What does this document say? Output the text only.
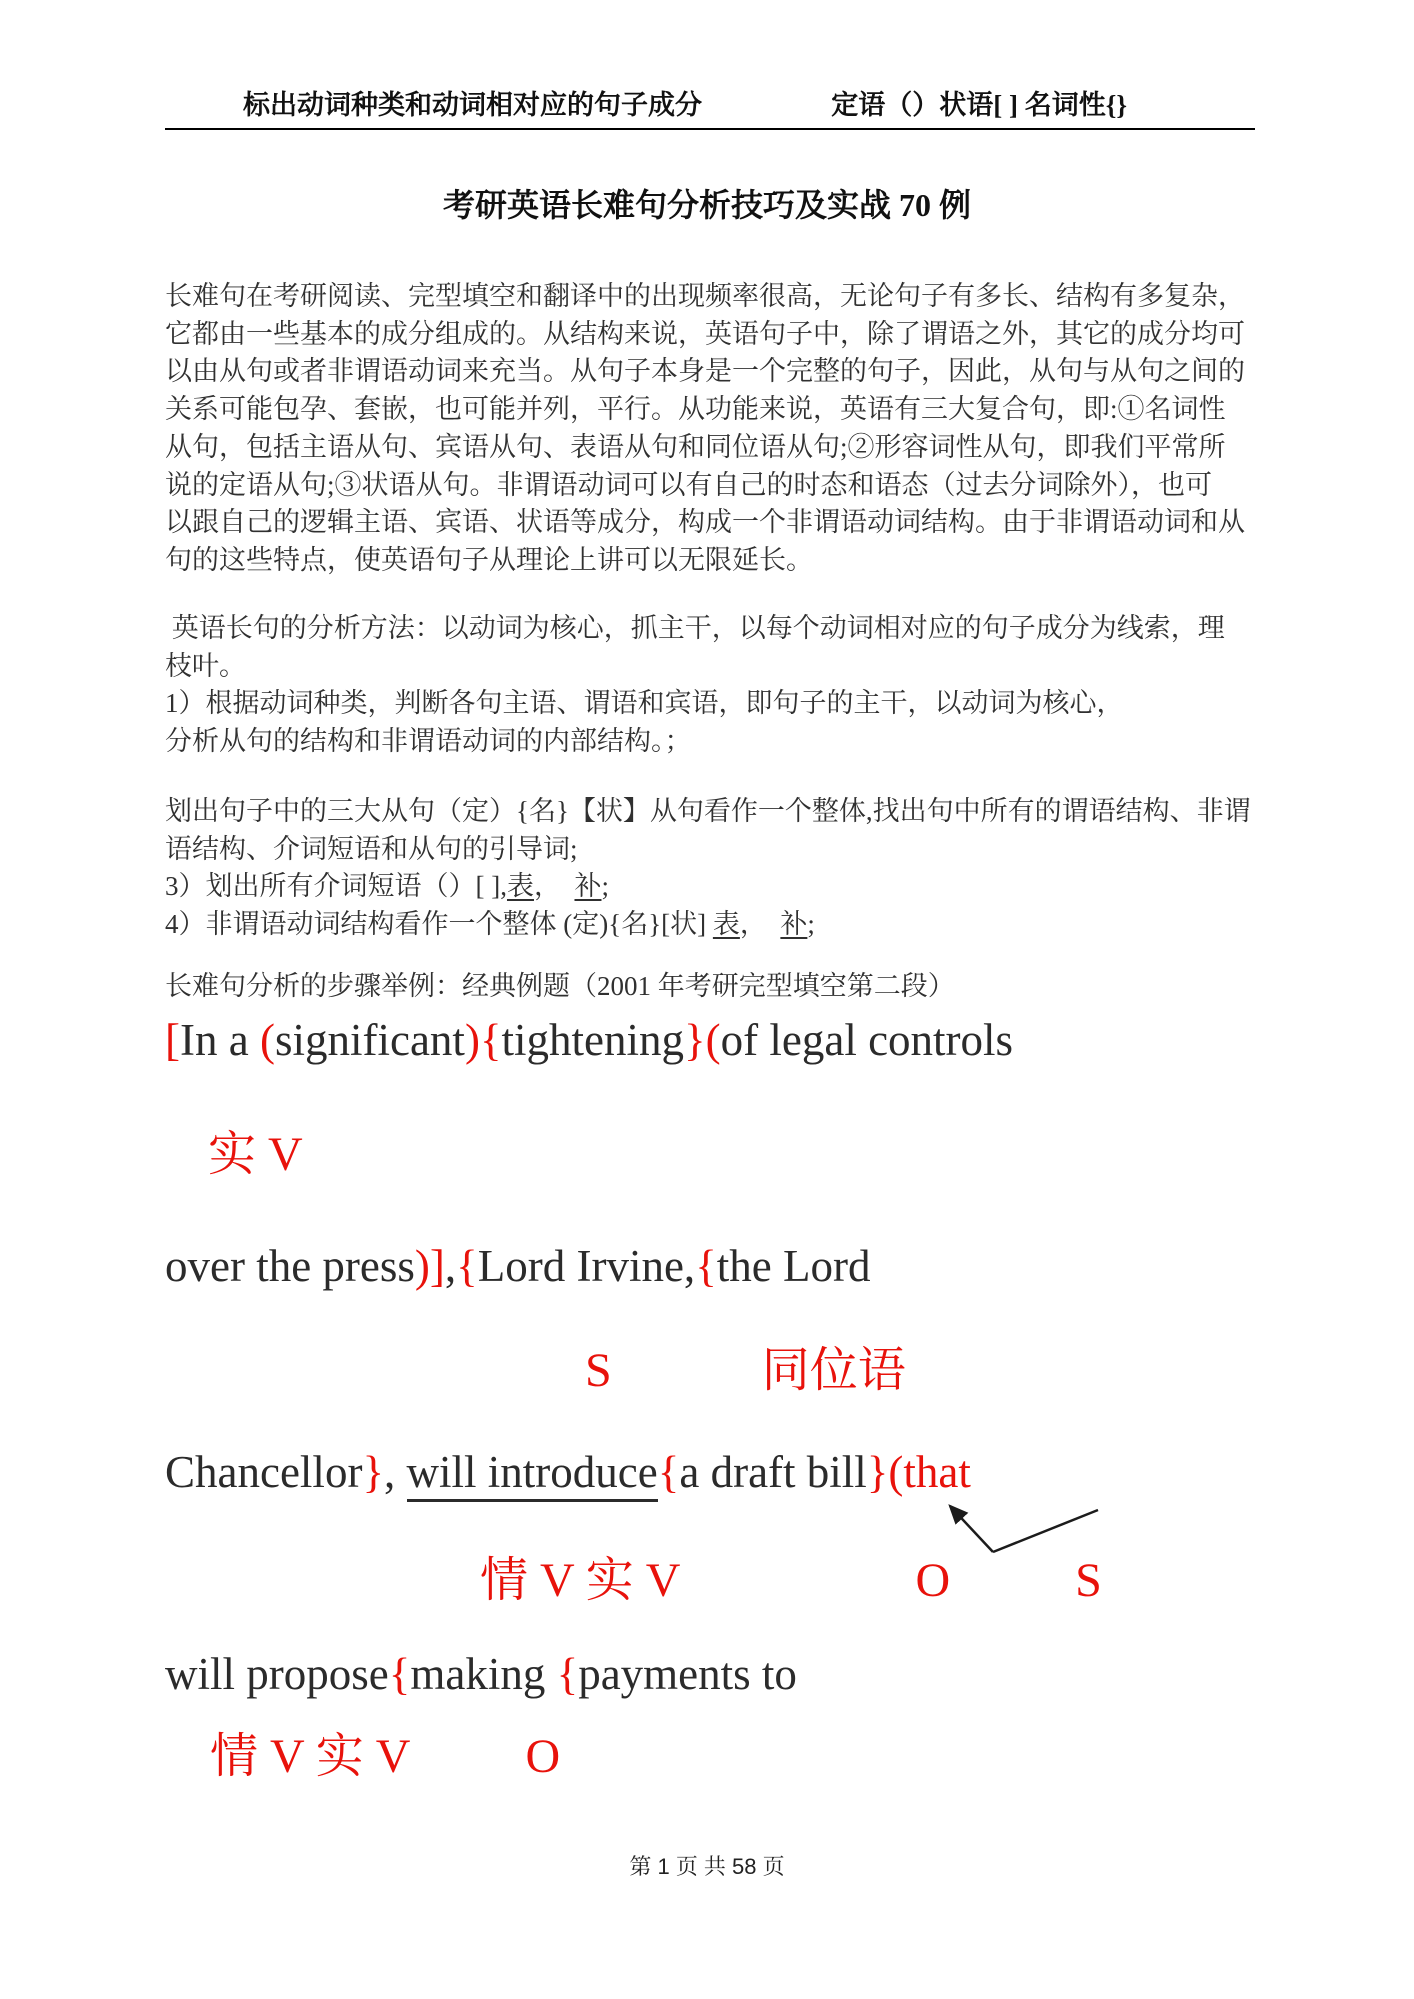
标出动词种类和动词相对应的句子成分	定语（）状语[ ] 名词性{}
考研英语长难句分析技巧及实战 70 例
长难句在考研阅读、完型填空和翻译中的出现频率很高，无论句子有多长、结构有多复杂，
它都由一些基本的成分组成的。从结构来说，英语句子中，除了谓语之外，其它的成分均可
以由从句或者非谓语动词来充当。从句子本身是一个完整的句子，因此，从句与从句之间的
关系可能包孕、套嵌，也可能并列，平行。从功能来说，英语有三大复合句，即:①名词性
从句，包括主语从句、宾语从句、表语从句和同位语从句;②形容词性从句，即我们平常所
说的定语从句;③状语从句。非谓语动词可以有自己的时态和语态（过去分词除外），也可
以跟自己的逻辑主语、宾语、状语等成分，构成一个非谓语动词结构。由于非谓语动词和从
句的这些特点，使英语句子从理论上讲可以无限延长。
英语长句的分析方法：以动词为核心，抓主干，以每个动词相对应的句子成分为线索，理
枝叶。
1）根据动词种类，判断各句主语、谓语和宾语，即句子的主干，以动词为核心，
分析从句的结构和非谓语动词的内部结构。；
划出句子中的三大从句（定）{名}【状】从句看作一个整体,找出句中所有的谓语结构、非谓
语结构、介词短语和从句的引导词;
3）划出所有介词短语（）[ ],表，  补;
4）非谓语动词结构看作一个整体 (定){名}[状] 表，  补;
长难句分析的步骤举例：经典例题（2001 年考研完型填空第二段）
[In a (significant){tightening}(of legal controls
实 V
over the press)],{Lord Irvine,{the Lord
S	同位语
Chancellor}, will introduce{a draft bill}(that
情 V 实 V	O	S
will propose{making {payments to
情 V 实 V O
第 1 页 共 58 页
